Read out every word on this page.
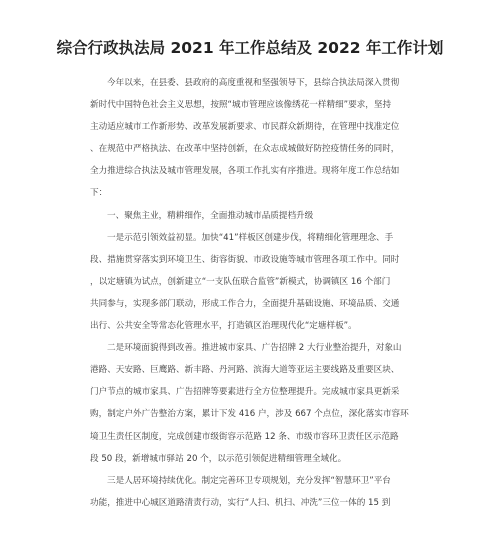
综合行政执法局 2021 年工作总结及 2022 年工作计划
今年以来，在县委、县政府的高度重视和坚强领导下，县综合执法局深入贯彻
新时代中国特色社会主义思想，按照“城市管理应该像绣花一样精细”要求，坚持
主动适应城市工作新形势、改革发展新要求、市民群众新期待，在管理中找准定位
、在规范中严格执法、在改革中坚持创新，在众志成城做好防控疫情任务的同时，
全力推进综合执法及城市管理发展，各项工作扎实有序推进。现将年度工作总结如
下：
一、聚焦主业，精耕细作，全面推动城市品质提档升级
一是示范引领效益初显。加快“41”样板区创建步伐，将精细化管理理念、手
段、措施贯穿落实到环境卫生、街容街貌、市政设施等城市管理各项工作中。同时
，以定塘镇为试点，创新建立“一支队伍联合监管”新模式，协调镇区 16 个部门
共同参与，实现多部门联动，形成工作合力，全面提升基础设施、环境品质、交通
出行、公共安全等常态化管理水平，打造镇区治理现代化“定塘样板”。
二是环境面貌得到改善。推进城市家具、广告招牌 2 大行业整治提升，对象山
港路、天安路、巨鹰路、新丰路、丹河路、滨海大道等亚运主要线路及重要区块、
门户节点的城市家具、广告招牌等要素进行全方位整理提升。完成城市家具更新采
购，制定户外广告整治方案，累计下发 416 户，涉及 667 个点位，深化落实市容环
境卫生责任区制度，完成创建市级街容示范路 12 条、市级市容环卫责任区示范路
段 50 段，新增城市驿站 20 个，以示范引领促进精细管理全域化。
三是人居环境持续优化。制定完善环卫专项规划，充分发挥“智慧环卫”平台
功能，推进中心城区道路清责行动，实行“人扫、机扫、冲洗”三位一体的 15 到
